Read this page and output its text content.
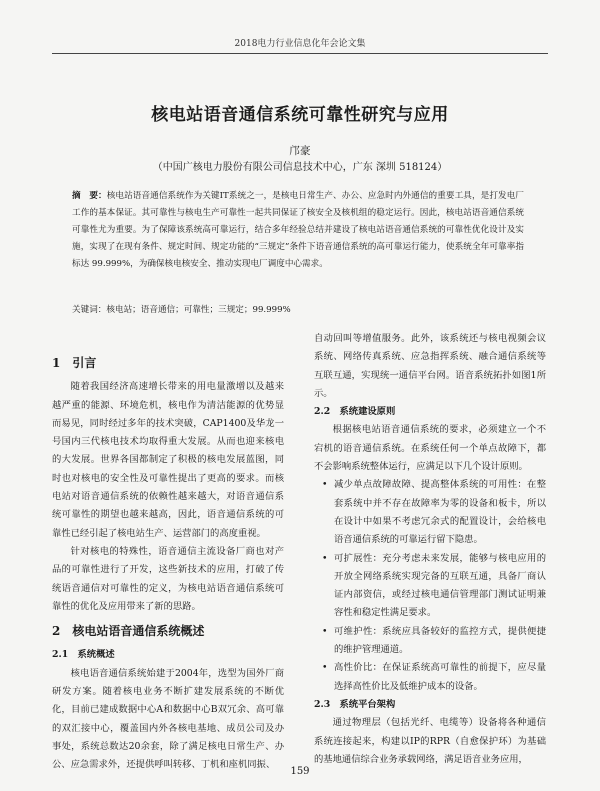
2018电力行业信息化年会论文集
核电站语音通信系统可靠性研究与应用
邝豪
（中国广核电力股份有限公司信息技术中心，广东 深圳 518124）
摘　要：核电站语音通信系统作为关键IT系统之一，是核电日常生产、办公、应急时内外通信的重要工具，是打发电厂工作的基本保证。其可靠性与核电生产可靠性一起共同保证了核安全及核机组的稳定运行。因此，核电站语音通信系统可靠性尤为重要。为了保障该系统高可靠运行，结合多年经验总结并建设了核电站语音通信系统的可靠性优化设计及实施，实现了在现有条件、规定时间、规定功能的“三规定”条件下语音通信系统的高可靠运行能力，使系统全年可靠率指标达 99.999%，为确保核电核安全、推动实现电厂调度中心需求。
关键词：核电站；语音通信；可靠性；三规定；99.999%
1　引言

随着我国经济高速增长带来的用电量激增以及越来越严重的能源、环境危机，核电作为清洁能源的优势显而易见，同时经过多年的技术突破，CAP1400及华龙一号国内三代核电技术均取得重大发展。从而也迎来核电的大发展。世界各国都制定了积极的核电发展蓝图，同时也对核电的安全性及可靠性提出了更高的要求。而核电站对语音通信系统的依赖性越来越大，对语音通信系统可靠性的期望也越来越高，因此，语音通信系统的可靠性已经引起了核电站生产、运营部门的高度重视。

针对核电的特殊性，语音通信主流设备厂商也对产品的可靠性进行了开发，这些新技术的应用，打破了传统语音通信对可靠性的定义，为核电站语音通信系统可靠性的优化及应用带来了新的思路。

2　核电站语音通信系统概述
2.1　系统概述

核电语音通信系统始建于2004年，选型为国外厂商研发方案。随着核电业务不断扩建发展系统的不断优化，目前已建成数据中心A和数据中心B双冗余、高可靠的双汇接中心，覆盖国内外各核电基地、成员公司及办事处，系统总数达20余套，除了满足核电日常生产、办公、应急需求外，还提供呼叫转移、丁机和座机同振、

自动回叫等增值服务。此外，该系统还与核电视频会议系统、网络传真系统、应急指挥系统、融合通信系统等互联互通，实现统一通信平台网。语音系统拓扑如图1所示。

2.2　系统建设原则

根据核电站语音通信系统的要求，必须建立一个不宕机的语音通信系统。在系统任何一个单点故障下，都不会影响系统整体运行，应满足以下几个设计原则。

• 减少单点故障故障、提高整体系统的可用性：在整套系统中并不存在故障率为零的设备和板卡，所以在设计中如果不考虑冗余式的配置设计，会给核电语音通信系统的可靠运行留下隐患。
• 可扩展性：充分考虑未来发展，能够与核电应用的开放全网络系统实现完备的互联互通，具备厂商认证内部资信，或经过核电通信管理部门测试证明兼容性和稳定性满足要求。
• 可维护性：系统应具备较好的监控方式，提供便捷的维护管理通道。
• 高性价比：在保证系统高可靠性的前提下，应尽量选择高性价比及低维护成本的设备。
2.3　系统平台架构

通过物理层（包括光纤、电缆等）设备将各种通信系统连接起来，构建以IP的RPR（自愈保护环）为基础的基地通信综合业务承载网络，满足语音业务应用，

159
